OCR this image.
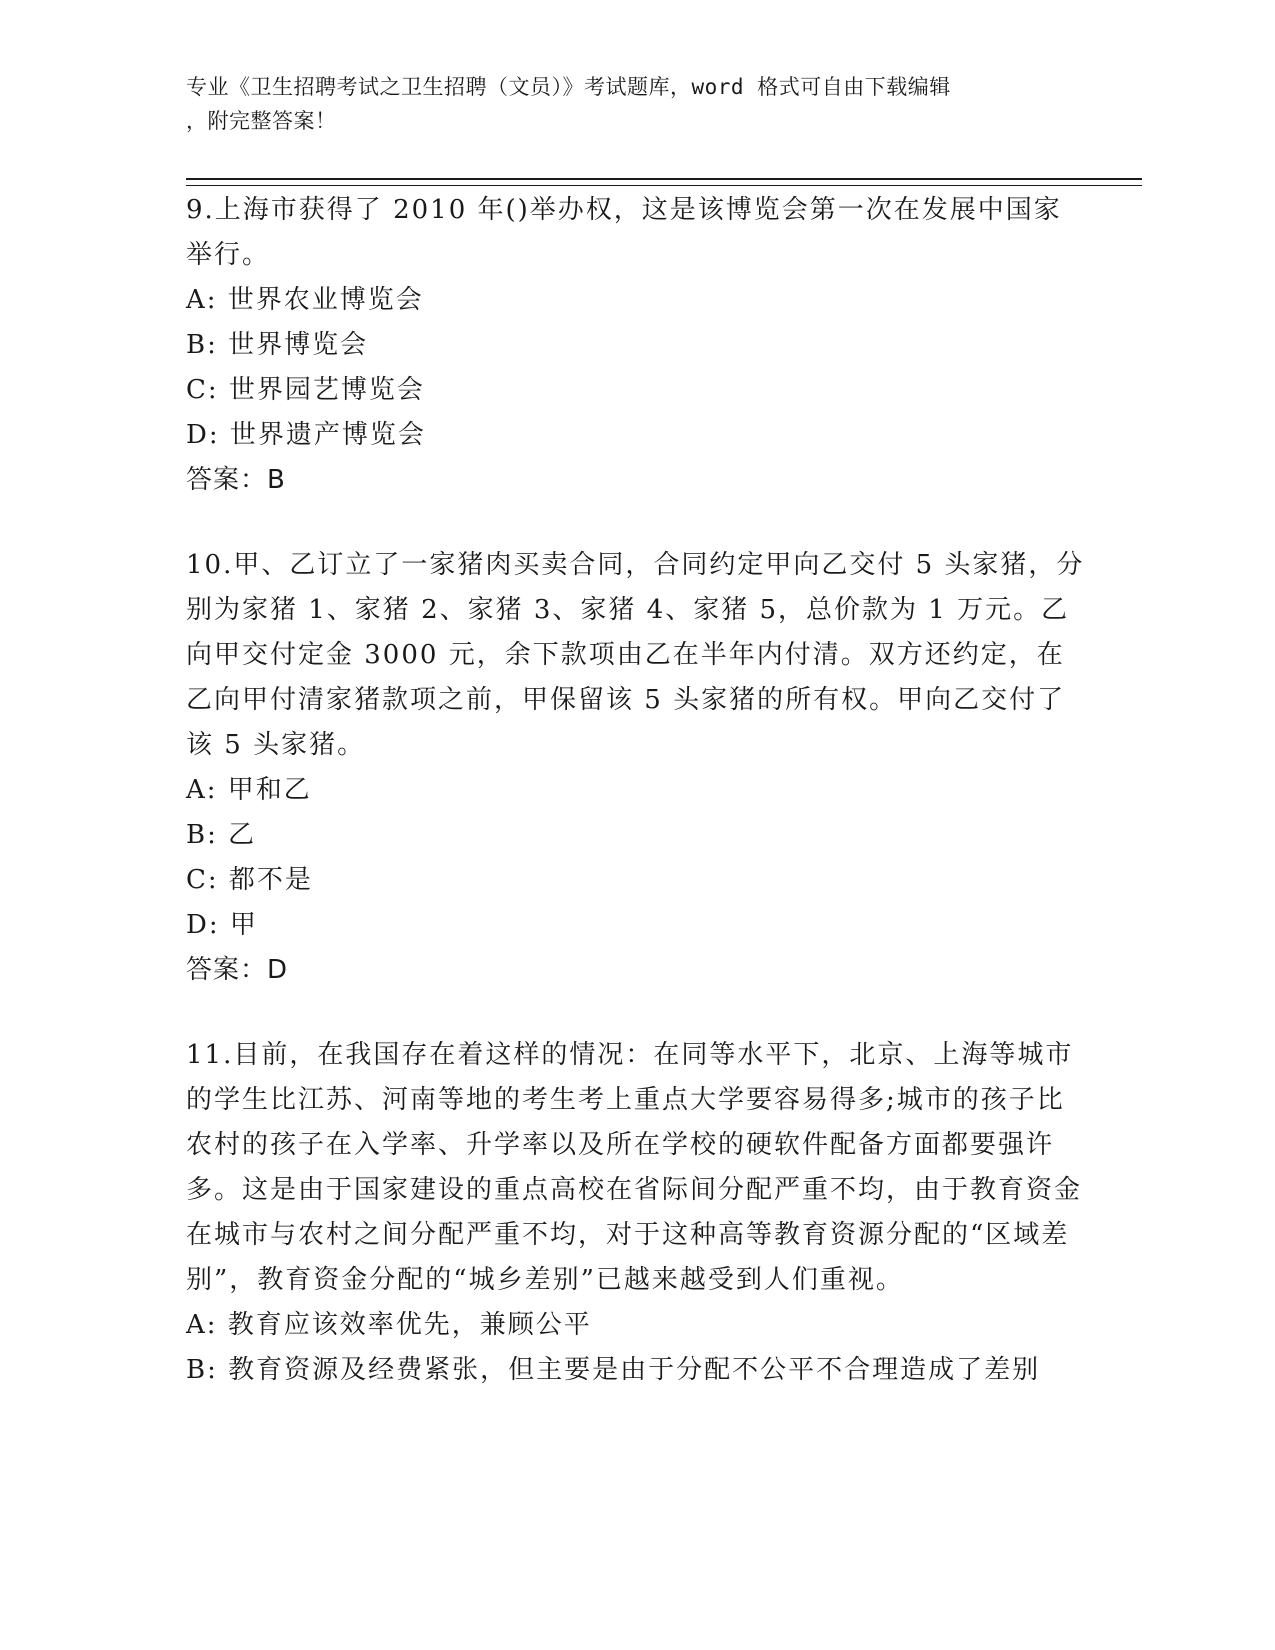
专业《卫生招聘考试之卫生招聘（文员）》考试题库，word 格式可自由下载编辑
，附完整答案！

9.上海市获得了 2010 年()举办权，这是该博览会第一次在发展中国家举行。

A: 世界农业博览会

B: 世界博览会

C: 世界园艺博览会

D: 世界遗产博览会

答案：B

10.甲、乙订立了一家猪肉买卖合同，合同约定甲向乙交付 5 头家猪，分别为家猪 1、家猪 2、家猪 3、家猪 4、家猪 5，总价款为 1 万元。乙向甲交付定金 3000 元，余下款项由乙在半年内付清。双方还约定，在乙向甲付清家猪款项之前，甲保留该 5 头家猪的所有权。甲向乙交付了该 5 头家猪。

A: 甲和乙

B: 乙

C: 都不是

D: 甲

答案：D

11.目前，在我国存在着这样的情况：在同等水平下，北京、上海等城市的学生比江苏、河南等地的考生考上重点大学要容易得多;城市的孩子比农村的孩子在入学率、升学率以及所在学校的硬软件配备方面都要强许多。这是由于国家建设的重点高校在省际间分配严重不均，由于教育资金在城市与农村之间分配严重不均，对于这种高等教育资源分配的“区域差别”，教育资金分配的“城乡差别”已越来越受到人们重视。

A: 教育应该效率优先，兼顾公平

B: 教育资源及经费紧张，但主要是由于分配不公平不合理造成了差别
